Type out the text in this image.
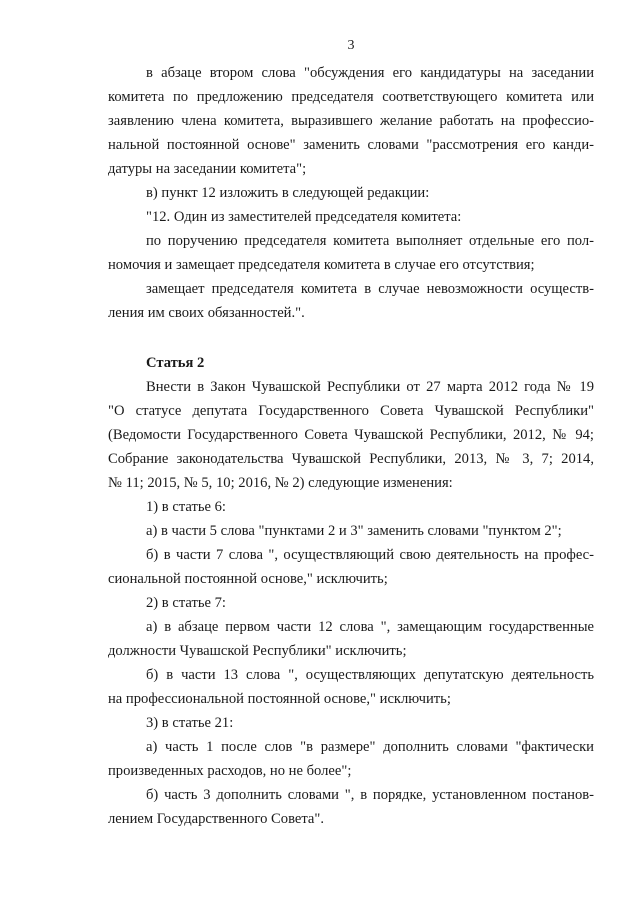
3
в абзаце втором слова "обсуждения его кандидатуры на заседании
комитета по предложению председателя соответствующего комитета или
заявлению члена комитета, выразившего желание работать на профессио-
нальной постоянной основе" заменить словами "рассмотрения его канди-
датуры на заседании комитета";
в) пункт 12 изложить в следующей редакции:
"12. Один из заместителей председателя комитета:
по поручению председателя комитета выполняет отдельные его пол-
номочия и замещает председателя комитета в случае его отсутствия;
замещает председателя комитета в случае невозможности осуществ-
ления им своих обязанностей.".
Статья 2
Внести в Закон Чувашской Республики от 27 марта 2012 года № 19
"О статусе депутата Государственного Совета Чувашской Республики"
(Ведомости Государственного Совета Чувашской Республики, 2012, № 94;
Собрание законодательства Чувашской Республики, 2013, № 3, 7; 2014,
№ 11; 2015, № 5, 10; 2016, № 2) следующие изменения:
1) в статье 6:
а) в части 5 слова "пунктами 2 и 3" заменить словами "пунктом 2";
б) в части 7 слова ", осуществляющий свою деятельность на профес-
сиональной постоянной основе," исключить;
2) в статье 7:
а) в абзаце первом части 12 слова ", замещающим государственные
должности Чувашской Республики" исключить;
б) в части 13 слова ", осуществляющих депутатскую деятельность
на профессиональной постоянной основе," исключить;
3) в статье 21:
а) часть 1 после слов "в размере" дополнить словами "фактически
произведенных расходов, но не более";
б) часть 3 дополнить словами ", в порядке, установленном постанов-
лением Государственного Совета".
